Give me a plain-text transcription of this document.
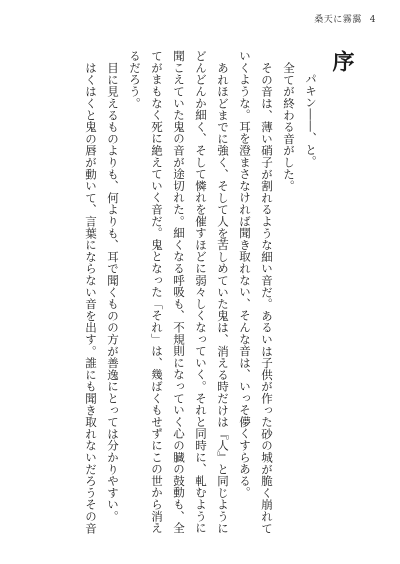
桑天に霧靄 4
序

パキン――、と。

全てが終わる音がした。

その音は、薄い硝子が割れるような細い音だ。あるいは子供が作った砂の城が脆く崩れていくような。耳を澄まさなければ聞き取れない、そんな音は、いっそ儚くすらある。

あれほどまでに強く、そして人を苦しめていた鬼は、消える時だけは『人』と同じようにどんどんか細く、そして憐れを催すほどに弱々しくなっていく。それと同時に、軋むように聞こえていた鬼の音が途切れた。細くなる呼吸も、不規則になっていく心の臓の鼓動も、全てがまもなく死に絶えていく音だ。鬼となった「それ」は、幾ばくもせずにこの世から消えるだろう。

目に見えるものよりも、何よりも、耳で聞くものの方が善逸にとっては分かりやすい。

はくはくと鬼の唇が動いて、言葉にならない音を出す。誰にも聞き取れないだろうその音
